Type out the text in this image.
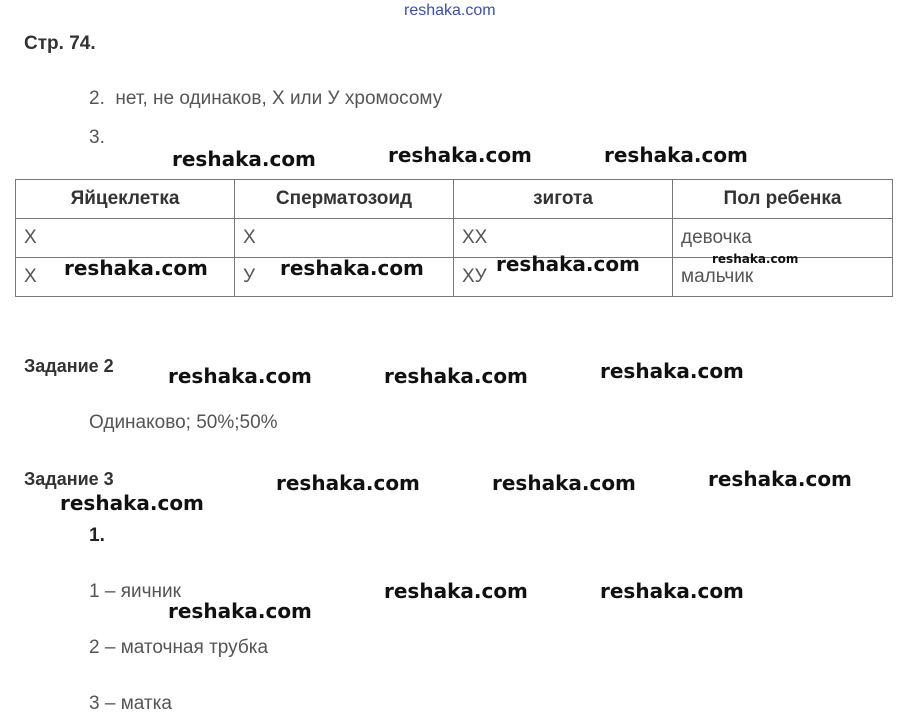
reshaka.com
Стр. 74.
2. нет, не одинаков, Х или У хромосому
3.
Яйцеклетка	Сперматозоид	зигота	Пол ребенка
Х	Х	ХХ	девочка
Х	У	ХУ	мальчик
Задание 2
Одинаково; 50%;50%
Задание 3
1.
1 – яичник
2 – маточная трубка
3 – матка
reshaka.com	reshaka.com	reshaka.com
reshaka.com	reshaka.com	reshaka.com	reshaka.com
reshaka.com	reshaka.com	reshaka.com
reshaka.com	reshaka.com	reshaka.com
reshaka.com
reshaka.com	reshaka.com
reshaka.com
